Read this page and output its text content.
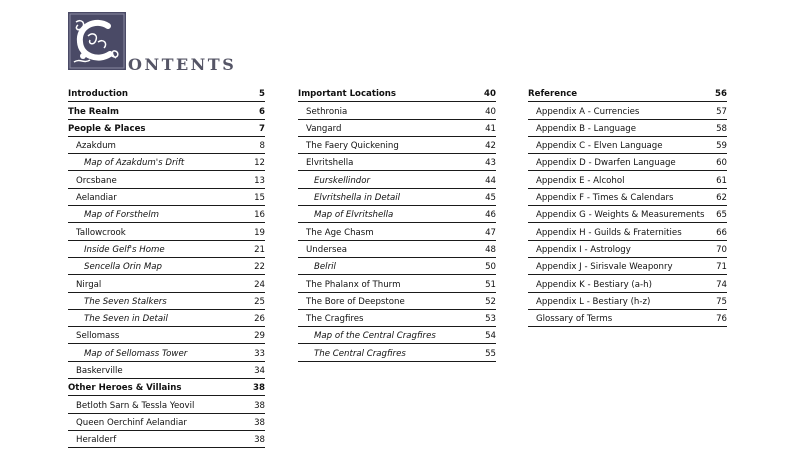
ONTENTS
Introduction	5
The Realm	6
People & Places	7
Azakdum	8
Map of Azakdum's Drift	12
Orcsbane	13
Aelandiar	15
Map of Forsthelm	16
Tallowcrook	19
Inside Gelf's Home	21
Sencella Orin Map	22
Nirgal	24
The Seven Stalkers	25
The Seven in Detail	26
Sellomass	29
Map of Sellomass Tower	33
Baskerville	34
Other Heroes & Villains	38
Betloth Sarn & Tessla Yeovil	38
Queen Oerchinf Aelandiar	38
Heralderf	38
Important Locations	40
Sethronia	40
Vangard	41
The Faery Quickening	42
Elvritshella	43
Eurskellindor	44
Elvritshella in Detail	45
Map of Elvritshella	46
The Age Chasm	47
Undersea	48
Belril	50
The Phalanx of Thurm	51
The Bore of Deepstone	52
The Cragfires	53
Map of the Central Cragfires	54
The Central Cragfires	55
Reference	56
Appendix A - Currencies	57
Appendix B - Language	58
Appendix C - Elven Language	59
Appendix D - Dwarfen Language	60
Appendix E - Alcohol	61
Appendix F - Times & Calendars	62
Appendix G - Weights & Measurements 65
Appendix H - Guilds & Fraternities	66
Appendix I - Astrology	70
Appendix J - Sirisvale Weaponry	71
Appendix K - Bestiary (a-h)	74
Appendix L - Bestiary (h-z)	75
Glossary of Terms	76
